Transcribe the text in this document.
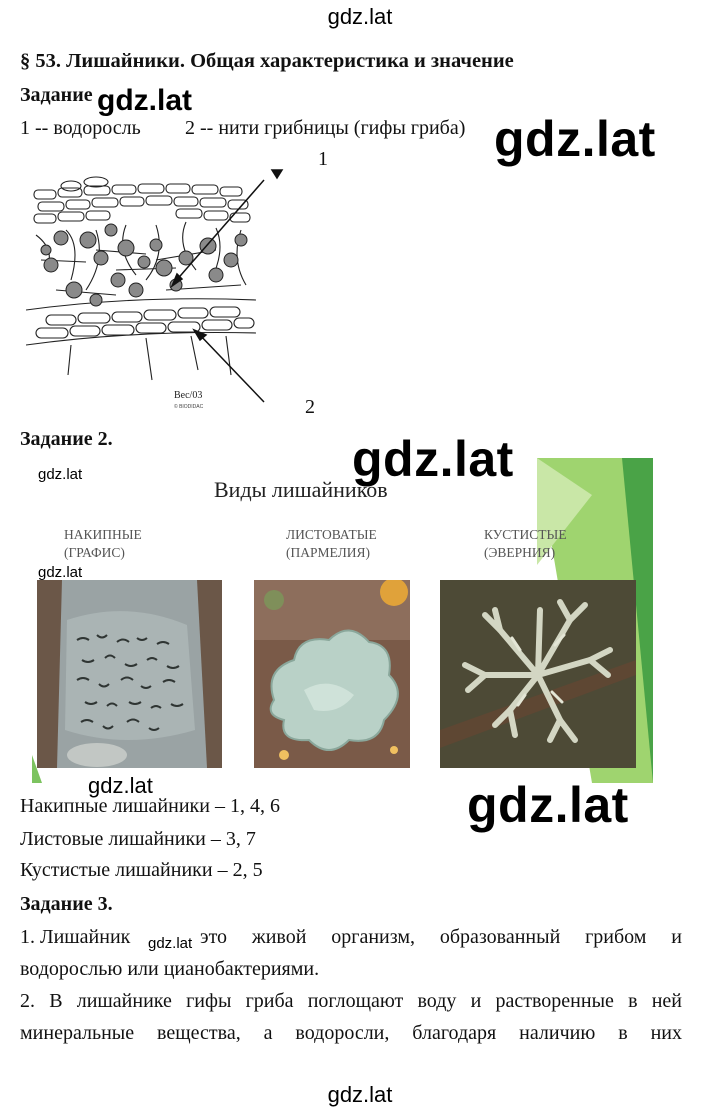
gdz.lat
§ 53. Лишайники. Общая характеристика и значение
Задание gdz.lat
1 -- водоросль 2 -- нити грибницы (гифы гриба) gdz.lat
Bec/03
© BIODIDAC
1
2
Задание 2.	gdz.lat
gdz.lat
Виды лишайников
НАКИПНЫЕ
(ГРАФИС)
ЛИСТОВАТЫЕ
(ПАРМЕЛИЯ)
КУСТИСТЫЕ
(ЭВЕРНИЯ)
gdz.lat
gdz.lat	gdz.lat
Накипные лишайники – 1, 4, 6
Листовые лишайники – 3, 7
Кустистые лишайники – 2, 5
Задание 3.
1. Лишайник gdz.lat это живой организм, образованный грибом и
водорослью или цианобактериями.
2. В лишайнике гифы гриба поглощают воду и растворенные в ней
минеральные вещества, а водоросли, благодаря наличию в них
gdz.lat
